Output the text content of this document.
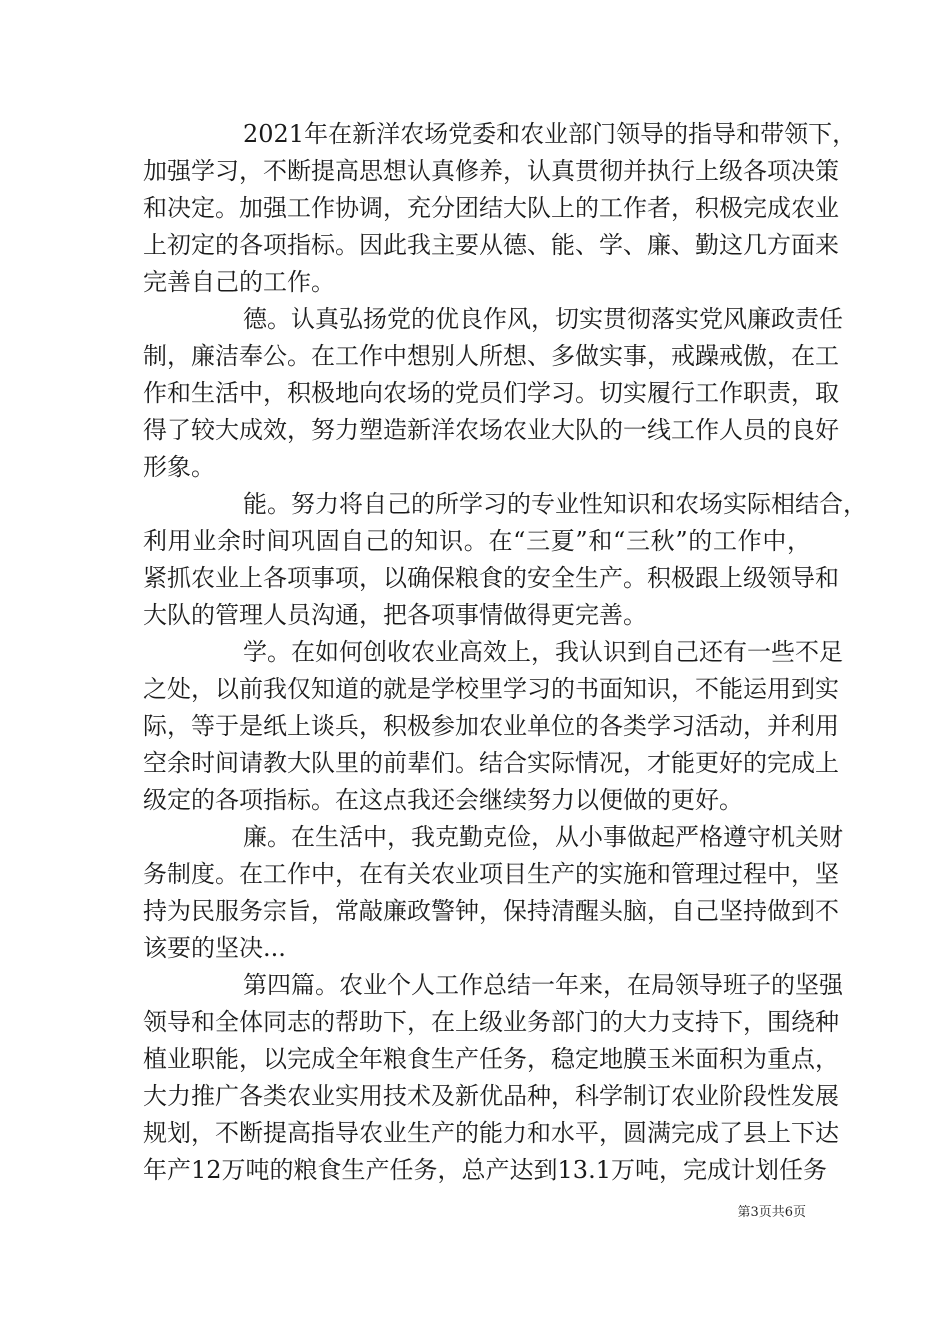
2021年在新洋农场党委和农业部门领导的指导和带领下，
加强学习，不断提高思想认真修养，认真贯彻并执行上级各项决策
和决定。加强工作协调，充分团结大队上的工作者，积极完成农业
上初定的各项指标。因此我主要从德、能、学、廉、勤这几方面来
完善自己的工作。
德。认真弘扬党的优良作风，切实贯彻落实党风廉政责任
制，廉洁奉公。在工作中想别人所想、多做实事，戒躁戒傲，在工
作和生活中，积极地向农场的党员们学习。切实履行工作职责，取
得了较大成效，努力塑造新洋农场农业大队的一线工作人员的良好
形象。
能。努力将自己的所学习的专业性知识和农场实际相结合，
利用业余时间巩固自己的知识。在“三夏”和“三秋”的工作中，
紧抓农业上各项事项，以确保粮食的安全生产。积极跟上级领导和
大队的管理人员沟通，把各项事情做得更完善。
学。在如何创收农业高效上，我认识到自己还有一些不足
之处，以前我仅知道的就是学校里学习的书面知识，不能运用到实
际，等于是纸上谈兵，积极参加农业单位的各类学习活动，并利用
空余时间请教大队里的前辈们。结合实际情况，才能更好的完成上
级定的各项指标。在这点我还会继续努力以便做的更好。
廉。在生活中，我克勤克俭，从小事做起严格遵守机关财
务制度。在工作中，在有关农业项目生产的实施和管理过程中，坚
持为民服务宗旨，常敲廉政警钟，保持清醒头脑，自己坚持做到不
该要的坚决...
第四篇。农业个人工作总结一年来，在局领导班子的坚强
领导和全体同志的帮助下，在上级业务部门的大力支持下，围绕种
植业职能，以完成全年粮食生产任务，稳定地膜玉米面积为重点，
大力推广各类农业实用技术及新优品种，科学制订农业阶段性发展
规划，不断提高指导农业生产的能力和水平，圆满完成了县上下达
年产12万吨的粮食生产任务，总产达到13.1万吨，完成计划任务
第3页共6页
